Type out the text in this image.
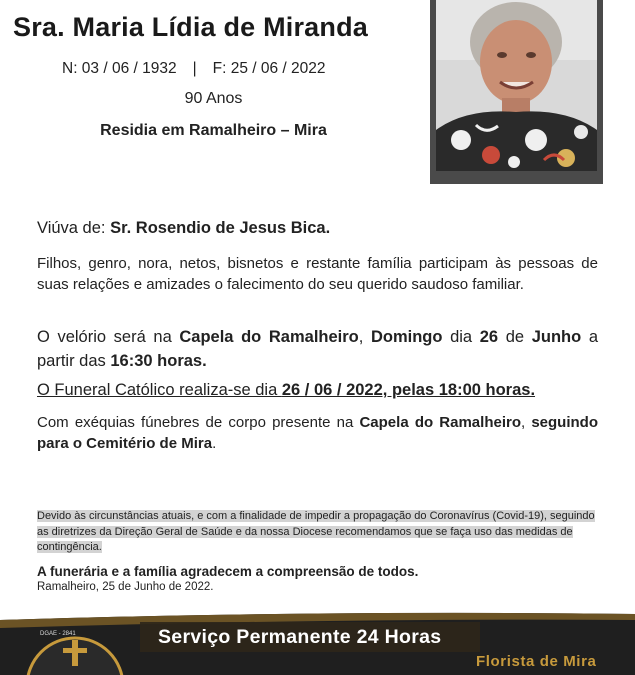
Sra. Maria Lídia de Miranda
N: 03 / 06 / 1932 | F: 25 / 06 / 2022
90 Anos
Residia em Ramalheiro – Mira
Viúva de: Sr. Rosendio de Jesus Bica.
Filhos, genro, nora, netos, bisnetos e restante família participam às pessoas de suas relações e amizades o falecimento do seu querido saudoso familiar.
O velório será na Capela do Ramalheiro, Domingo dia 26 de Junho a partir das 16:30 horas.
O Funeral Católico realiza-se dia 26 / 06 / 2022, pelas 18:00 horas.
Com exéquias fúnebres de corpo presente na Capela do Ramalheiro, seguindo para o Cemitério de Mira.
Devido às circunstâncias atuais, e com a finalidade de impedir a propagação do Coronavírus (Covid-19), seguindo as diretrizes da Direção Geral de Saúde e da nossa Diocese recomendamos que se faça uso das medidas de contingência.
A funerária e a família agradecem a compreensão de todos.
Ramalheiro, 25 de Junho de 2022.
DGAE - 2841	Serviço Permanente 24 Horas
Florista de Mira
